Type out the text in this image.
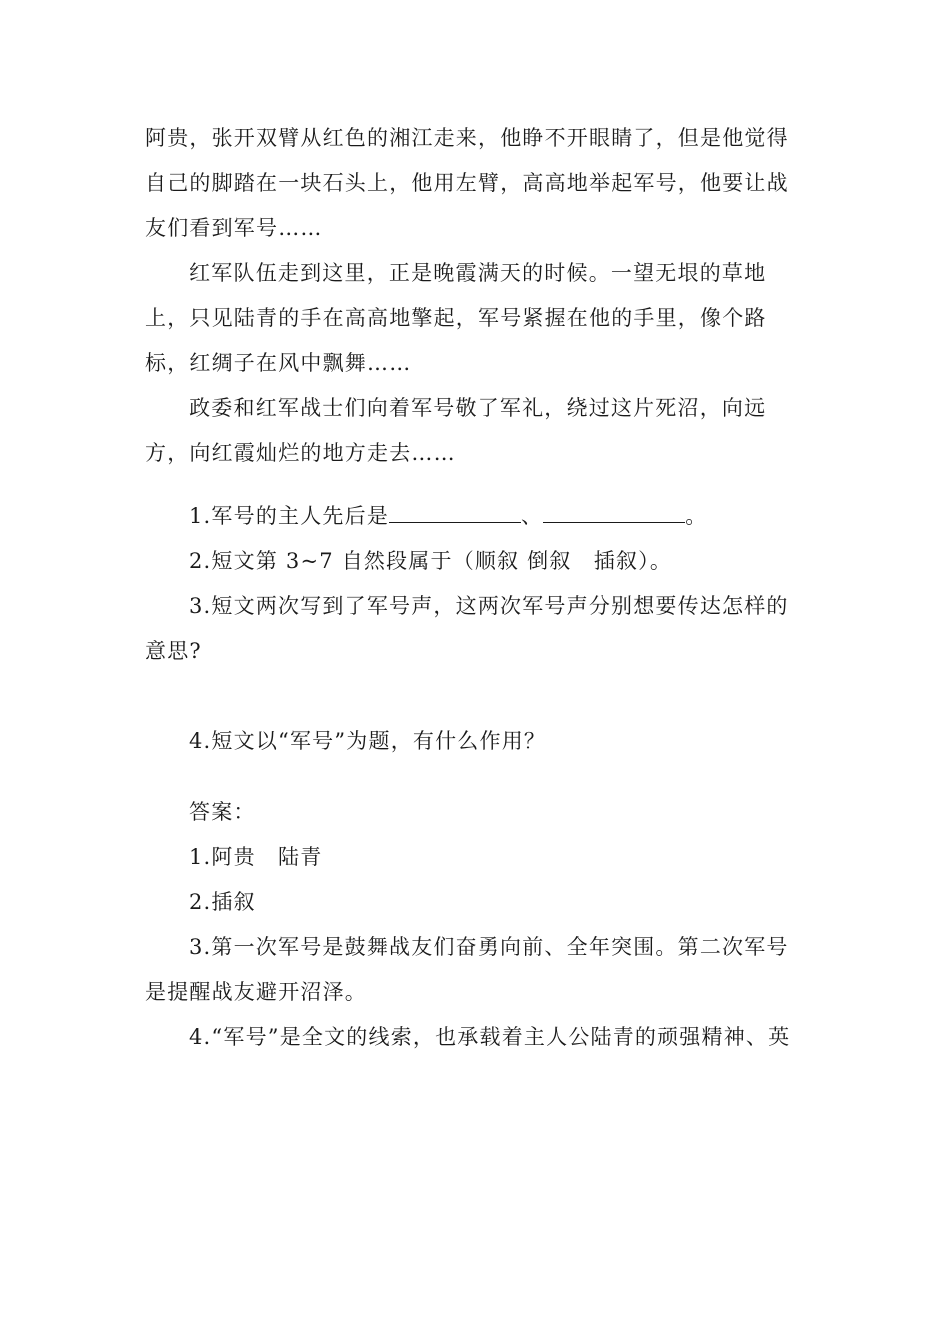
阿贵，张开双臂从红色的湘江走来，他睁不开眼睛了，但是他觉得自己的脚踏在一块石头上，他用左臂，高高地举起军号，他要让战友们看到军号……

红军队伍走到这里，正是晚霞满天的时候。一望无垠的草地上，只见陆青的手在高高地擎起，军号紧握在他的手里，像个路标，红绸子在风中飘舞……

政委和红军战士们向着军号敬了军礼，绕过这片死沼，向远方，向红霞灿烂的地方走去……

1.军号的主人先后是	、	。

2.短文第 3~7 自然段属于（顺叙 倒叙　插叙）。

3.短文两次写到了军号声，这两次军号声分别想要传达怎样的意思?

4.短文以“军号”为题，有什么作用？

答案：

1.阿贵　陆青

2.插叙

3.第一次军号是鼓舞战友们奋勇向前、全年突围。第二次军号是提醒战友避开沼泽。

4.“军号”是全文的线索，也承载着主人公陆青的顽强精神、英
